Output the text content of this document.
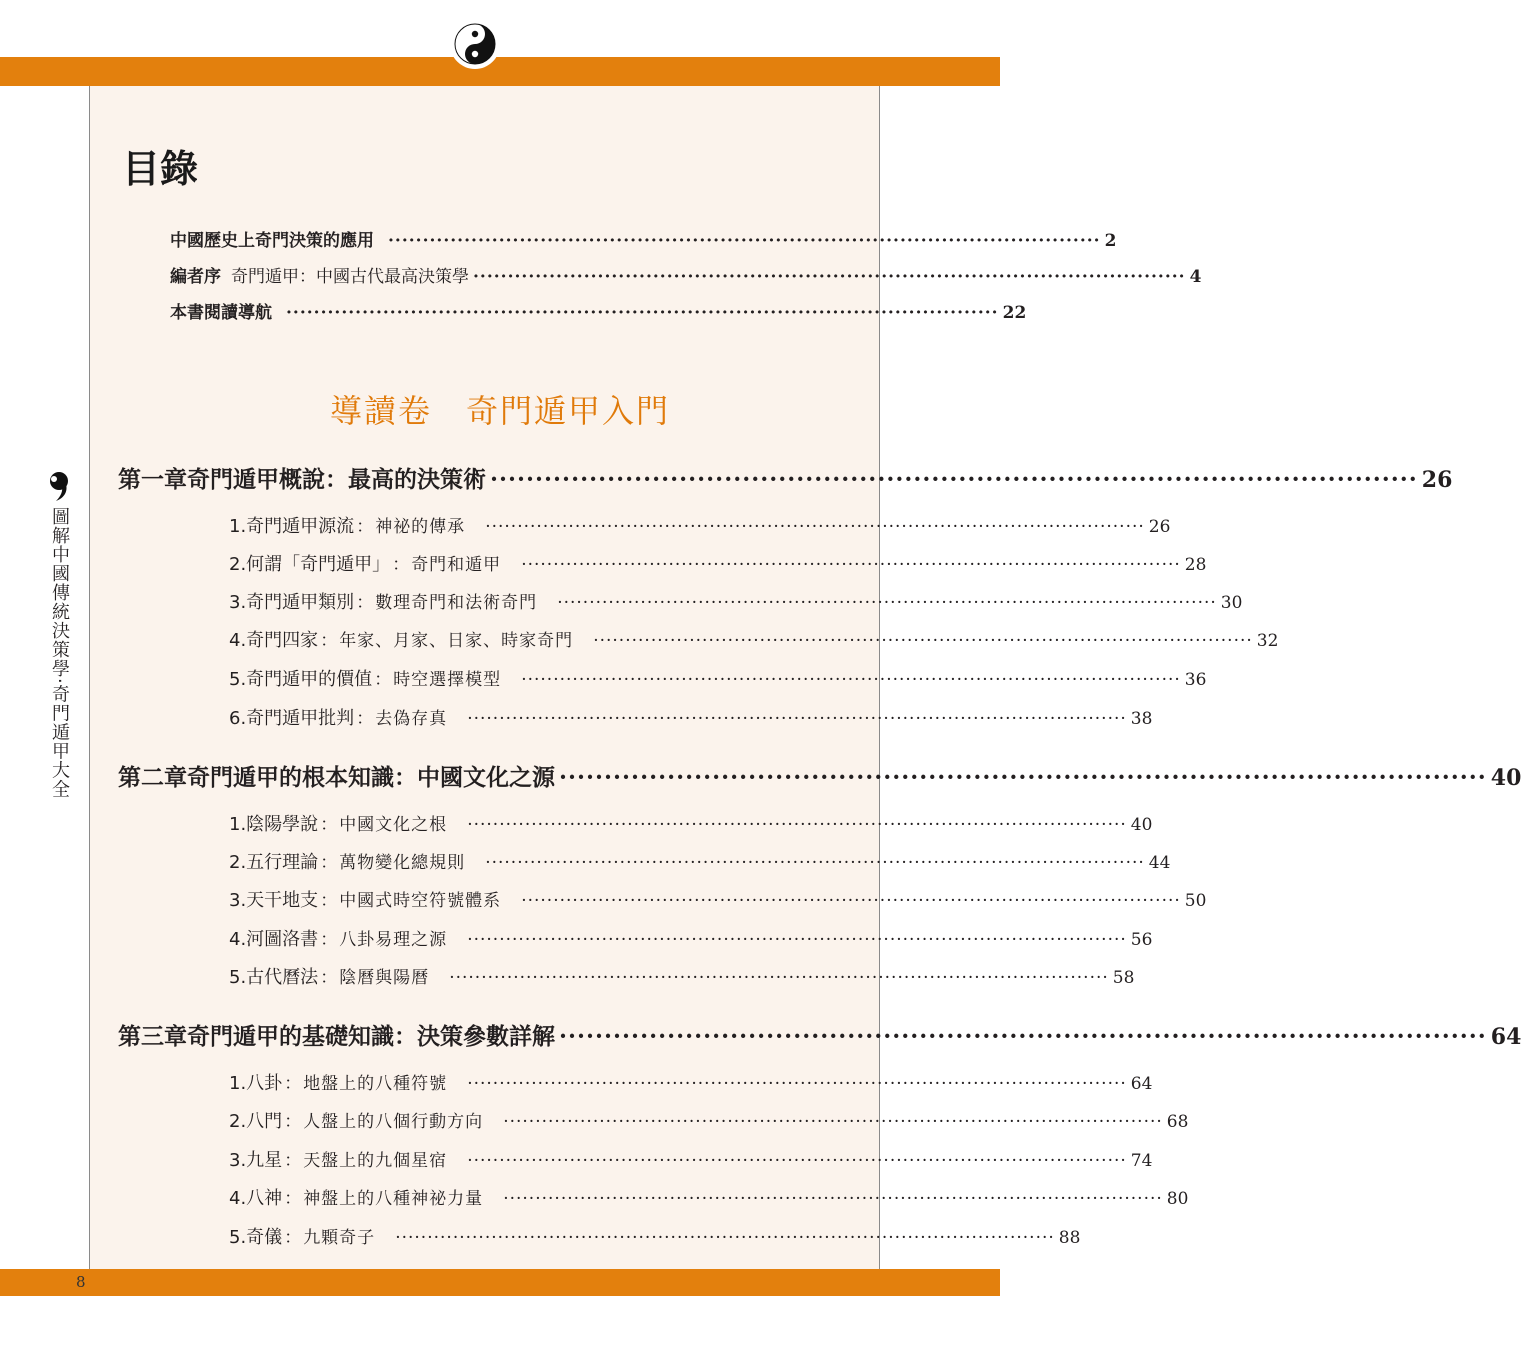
圖解中國傳統決策學·奇門遁甲大全
目錄
中國歷史上奇門決策的應用 ······································································································· 2
編者序 奇門遁甲：中國古代最高決策學 ······································································································· 4
本書閱讀導航 ······································································································· 22
導讀卷 奇門遁甲入門
第一章 奇門遁甲概說：最高的決策術 ······································································································· 26
1.奇門遁甲源流 ： 神祕的傳承 ······································································································· 26
2.何謂「奇門遁甲」 ： 奇門和遁甲 ······································································································· 28
3.奇門遁甲類別 ： 數理奇門和法術奇門 ······································································································· 30
4.奇門四家 ： 年家、月家、日家、時家奇門 ······································································································· 32
5.奇門遁甲的價值 ： 時空選擇模型 ······································································································· 36
6.奇門遁甲批判 ： 去偽存真 ······································································································· 38
第二章 奇門遁甲的根本知識：中國文化之源 ······································································································· 40
1.陰陽學說 ： 中國文化之根 ······································································································· 40
2.五行理論 ： 萬物變化總規則 ······································································································· 44
3.天干地支 ： 中國式時空符號體系 ······································································································· 50
4.河圖洛書 ： 八卦易理之源 ······································································································· 56
5.古代曆法 ： 陰曆與陽曆 ······································································································· 58
第三章 奇門遁甲的基礎知識：決策參數詳解 ······································································································· 64
1.八卦 ： 地盤上的八種符號 ······································································································· 64
2.八門 ： 人盤上的八個行動方向 ······································································································· 68
3.九星 ： 天盤上的九個星宿 ······································································································· 74
4.八神 ： 神盤上的八種神祕力量 ······································································································· 80
5.奇儀 ： 九顆奇子 ······································································································· 88
8
